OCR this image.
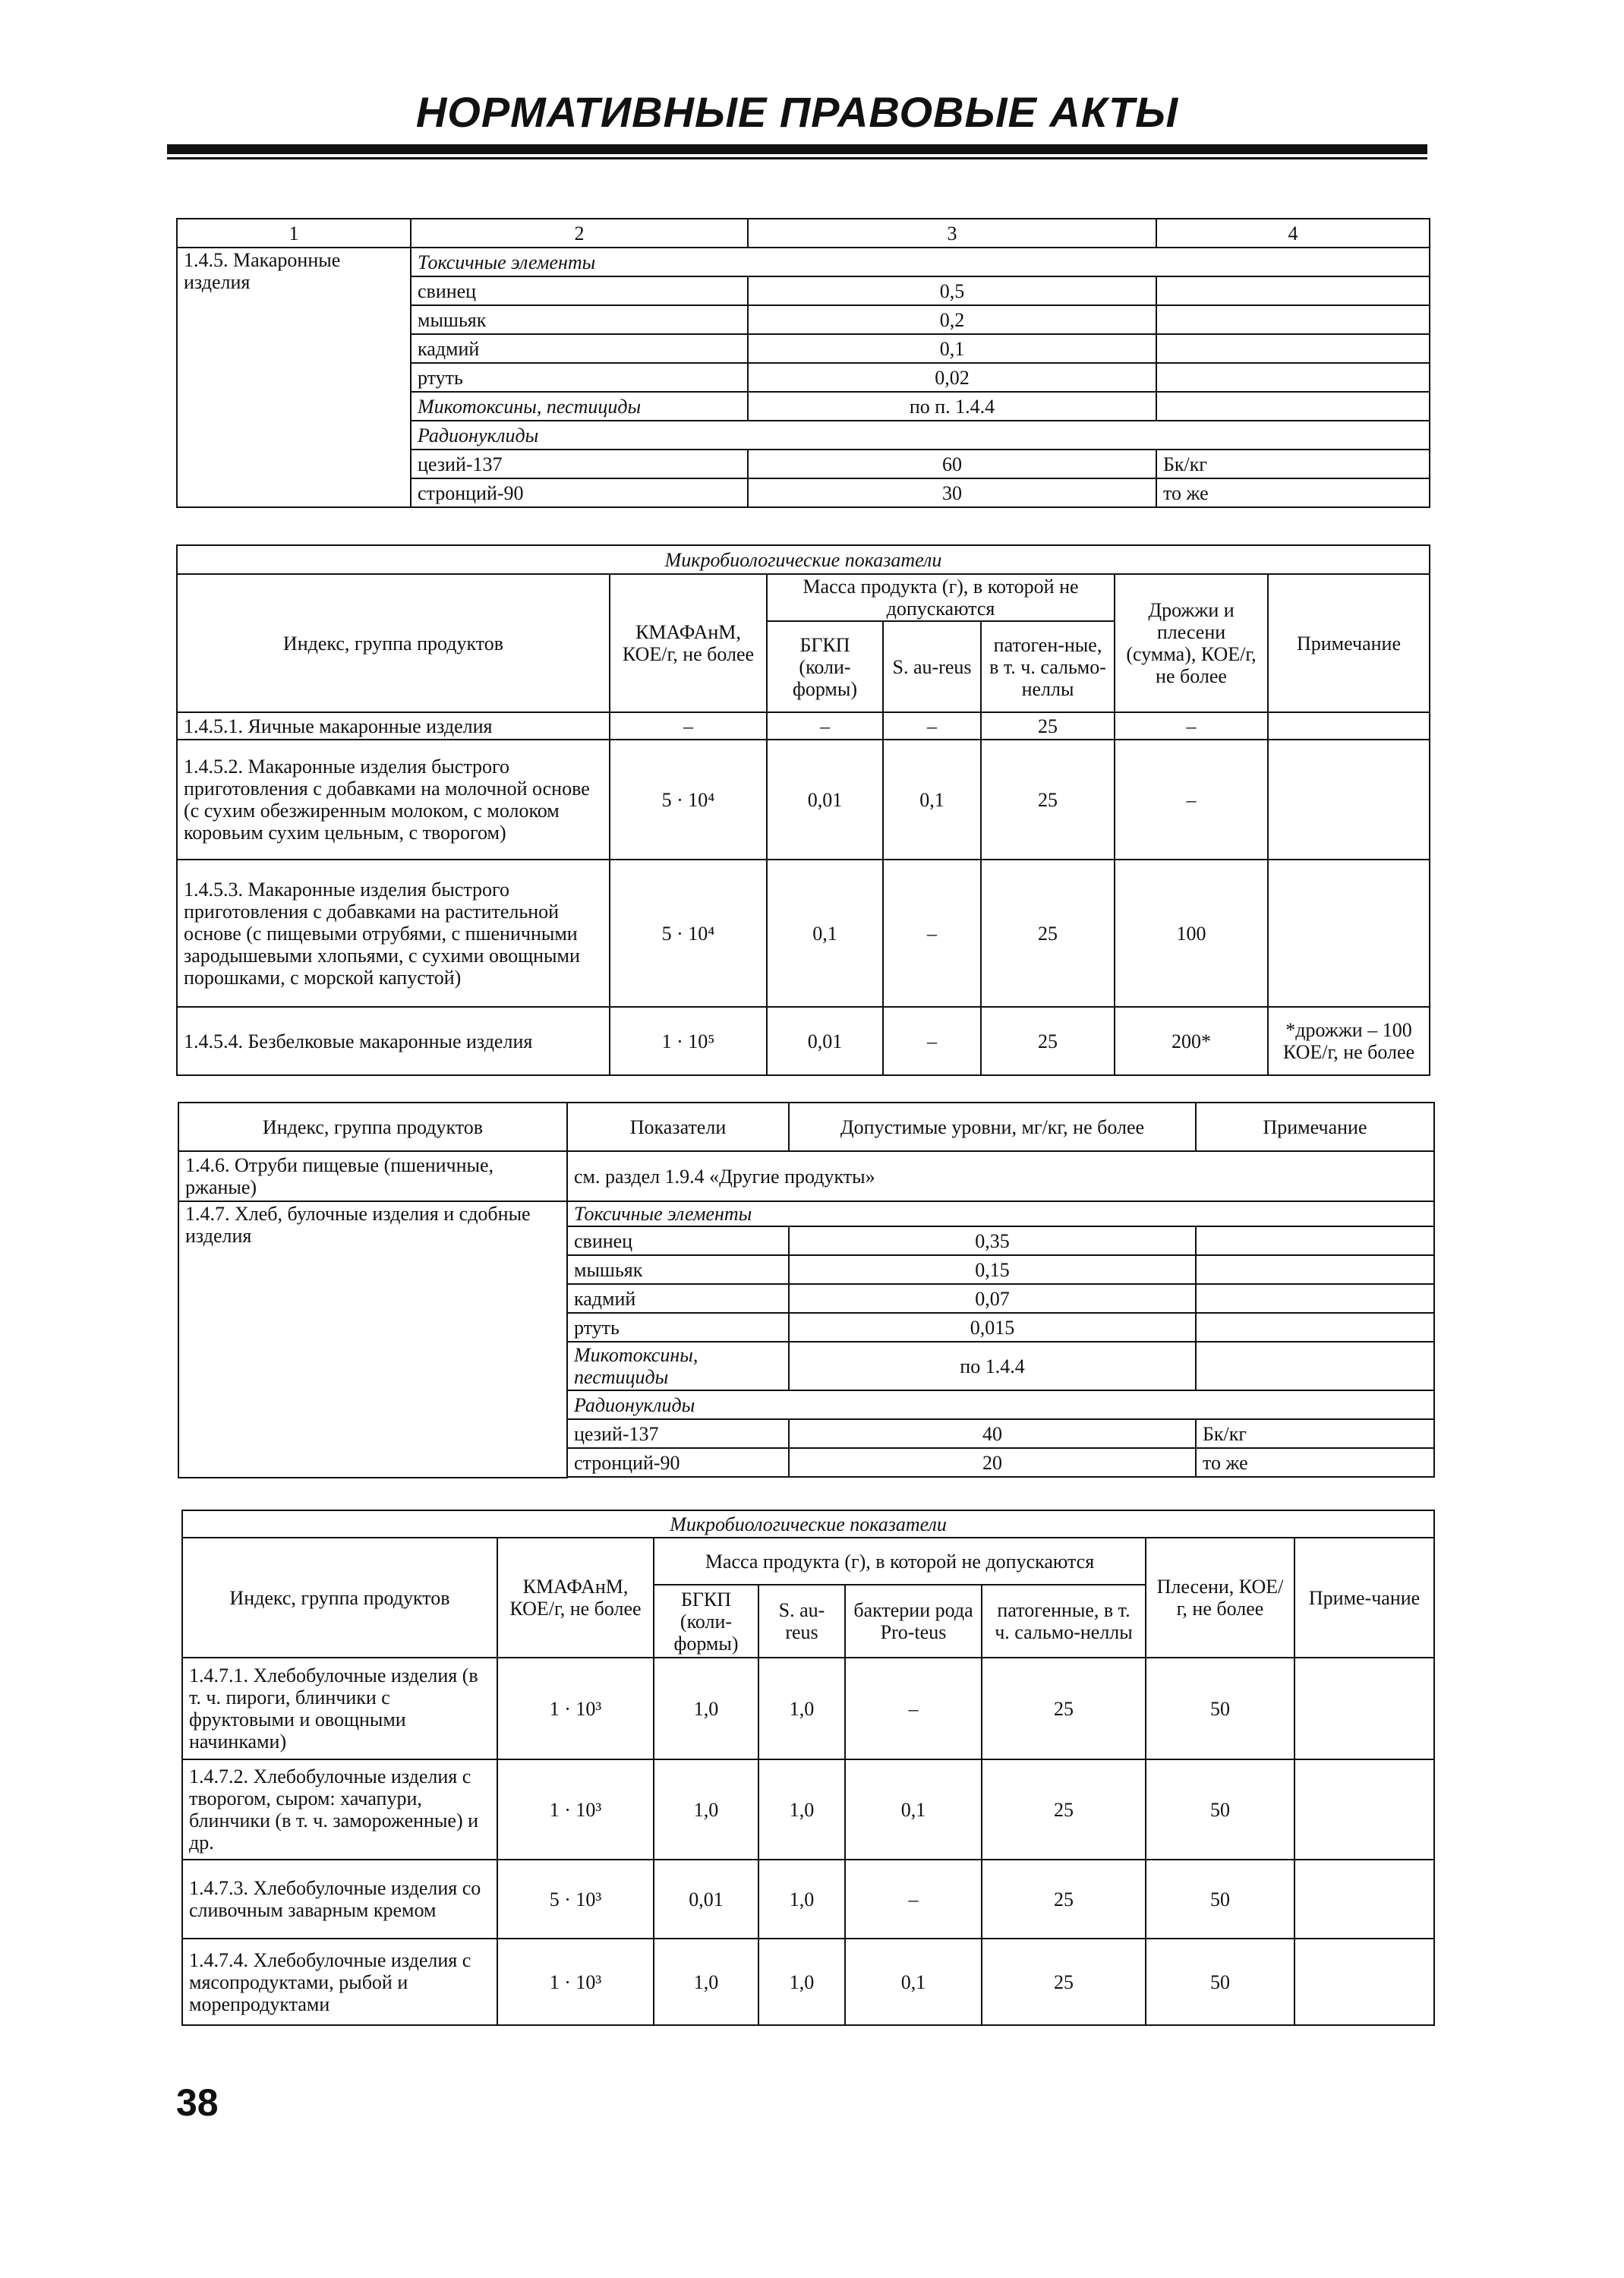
НОРМАТИВНЫЕ ПРАВОВЫЕ АКТЫ
1	2	3	4
1.4.5. Макаронные изделия	Токсичные элементы		
	свинец	0,5	
	мышьяк	0,2	
	кадмий	0,1	
	ртуть	0,02	
	Микотоксины, пестициды	по п. 1.4.4	
	Радионуклиды		
	цезий-137	60	Бк/кг
	стронций-90	30	то же
Микробиологические показатели						
Индекс, группа продуктов	КМАФАнМ, КОЕ/г, не более	Масса продукта (г), в которой не допускаются			Дрожжи и плесени (сумма), КОЕ/г, не более	Примечание
		БГКП (коли-формы)	S. au-reus	патоген-ные, в т. ч. сальмо-неллы		
1.4.5.1. Яичные макаронные изделия	–	–	–	25	–	
1.4.5.2. Макаронные изделия быстрого приготовления с добавками на молочной основе (с сухим обезжиренным молоком, с молоком коровьим сухим цельным, с творогом)	5 · 10⁴	0,01	0,1	25	–	
1.4.5.3. Макаронные изделия быстрого приготовления с добавками на растительной основе (с пищевыми отрубями, с пшеничными зародышевыми хлопьями, с сухими овощными порошками, с морской капустой)	5 · 10⁴	0,1	–	25	100	
1.4.5.4. Безбелковые макаронные изделия	1 · 10⁵	0,01	–	25	200*	*дрожжи – 100 КОЕ/г, не более
Индекс, группа продуктов	Показатели	Допустимые уровни, мг/кг, не более	Примечание	
1.4.6. Отруби пищевые (пшеничные, ржаные)	см. раздел 1.9.4 «Другие продукты»			
1.4.7. Хлеб, булочные изделия и сдобные изделия	Токсичные элементы			
	свинец	0,35		
	мышьяк	0,15		
	кадмий	0,07		
	ртуть	0,015		
	Микотоксины, пестициды	по 1.4.4		
	Радионуклиды			
	цезий-137	40	Бк/кг	
	стронций-90	20	то же	

Микробиологические показатели							
Индекс, группа продуктов	КМАФАнМ, КОЕ/г, не более	Масса продукта (г), в которой не допускаются				Плесени, КОЕ/г, не более	Приме-чание
		БГКП (коли-формы)	S. au-reus	бактерии рода Pro-teus	патогенные, в т. ч. сальмо-неллы		
1.4.7.1. Хлебобулочные изделия (в т. ч. пироги, блинчики с фруктовыми и овощными начинками)	1 · 10³	1,0	1,0	–	25	50	
1.4.7.2. Хлебобулочные изделия с творогом, сыром: хачапури, блинчики (в т. ч. замороженные) и др.	1 · 10³	1,0	1,0	0,1	25	50	
1.4.7.3. Хлебобулочные изделия со сливочным заварным кремом	5 · 10³	0,01	1,0	–	25	50	
1.4.7.4. Хлебобулочные изделия с мясопродуктами, рыбой и морепродуктами	1 · 10³	1,0	1,0	0,1	25	50	
38
